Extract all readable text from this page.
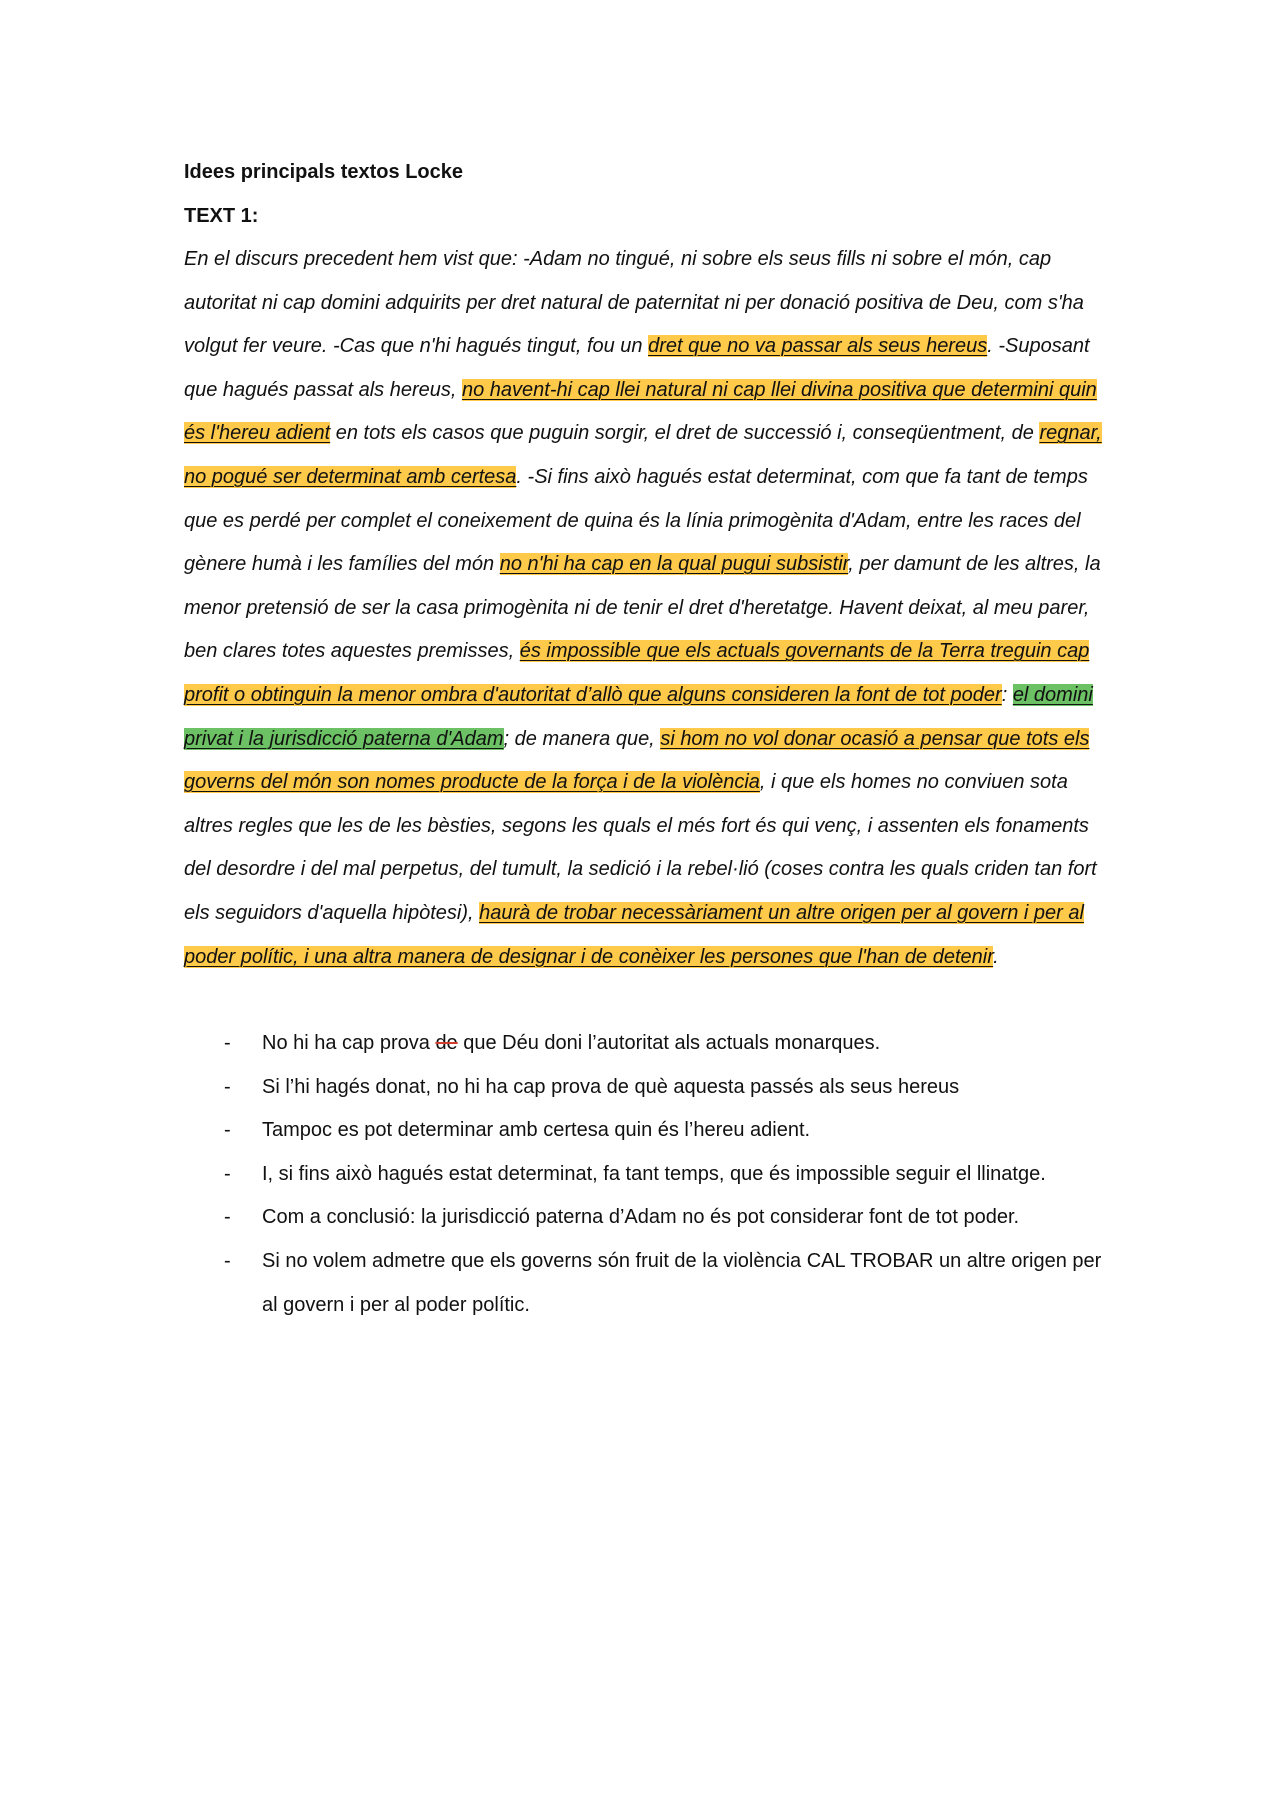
Idees principals textos Locke

TEXT 1:

En el discurs precedent hem vist que: -Adam no tingue, ni sobre els seus fills ni sobre el món, cap autoritat ni cap domini adquirits per dret natural de paternitat ni per donació positiva de Deu, com s'ha volgut fer veure. -Cas que n'hi hagués tingut, fou un dret que no va passar als seus hereus. -Suposant que hagués passat als hereus, no havent-hi cap llei natural ni cap llei divina positiva que determini quin és l'hereu adient en tots els casos que puguin sorgir, el dret de successió i, conseqüentment, de regnar, no pogué ser determinat amb certesa. -Si fins això hagués estat determinat, com que fa tant de temps que es perdé per complet el coneixement de quina és la línia primogènita d'Adam, entre les races del gènere humà i les famílies del món no n'hi ha cap en la qual pugui subsistir, per damunt de les altres, la menor pretensió de ser la casa primogènita ni de tenir el dret d'heretatge. Havent deixat, al meu parer, ben clares totes aquestes premisses, és impossible que els actuals governants de la Terra treguin cap profit o obtinguin la menor ombra d'autoritat d’allò que alguns consideren la font de tot poder: el domini privat i la jurisdicció paterna d'Adam; de manera que, si hom no vol donar ocasió a pensar que tots els governs del món son nomes producte de la força i de la violència, i que els homes no conviuen sota altres regles que les de les bèsties, segons les quals el més fort és qui venç, i assenten els fonaments del desordre i del mal perpetus, del tumult, la sedició i la rebel·lió (coses contra les quals criden tan fort els seguidors d'aquella hipòtesi), haurà de trobar necessàriament un altre origen per al govern i per al poder polític, i una altra manera de designar i de conèixer les persones que l'han de detenir.

- No hi ha cap prova de que Déu doni l’autoritat als actuals monarques.
- Si l’hi hagés donat, no hi ha cap prova de què aquesta passés als seus hereus
- Tampoc es pot determinar amb certesa quin és l’hereu adient.
- I, si fins això hagués estat determinat, fa tant temps, que és impossible seguir el llinatge.
- Com a conclusió: la jurisdicció paterna d’Adam no és pot considerar font de tot poder.
- Si no volem admetre que els governs són fruit de la violència CAL TROBAR un altre origen per al govern i per al poder polític.
